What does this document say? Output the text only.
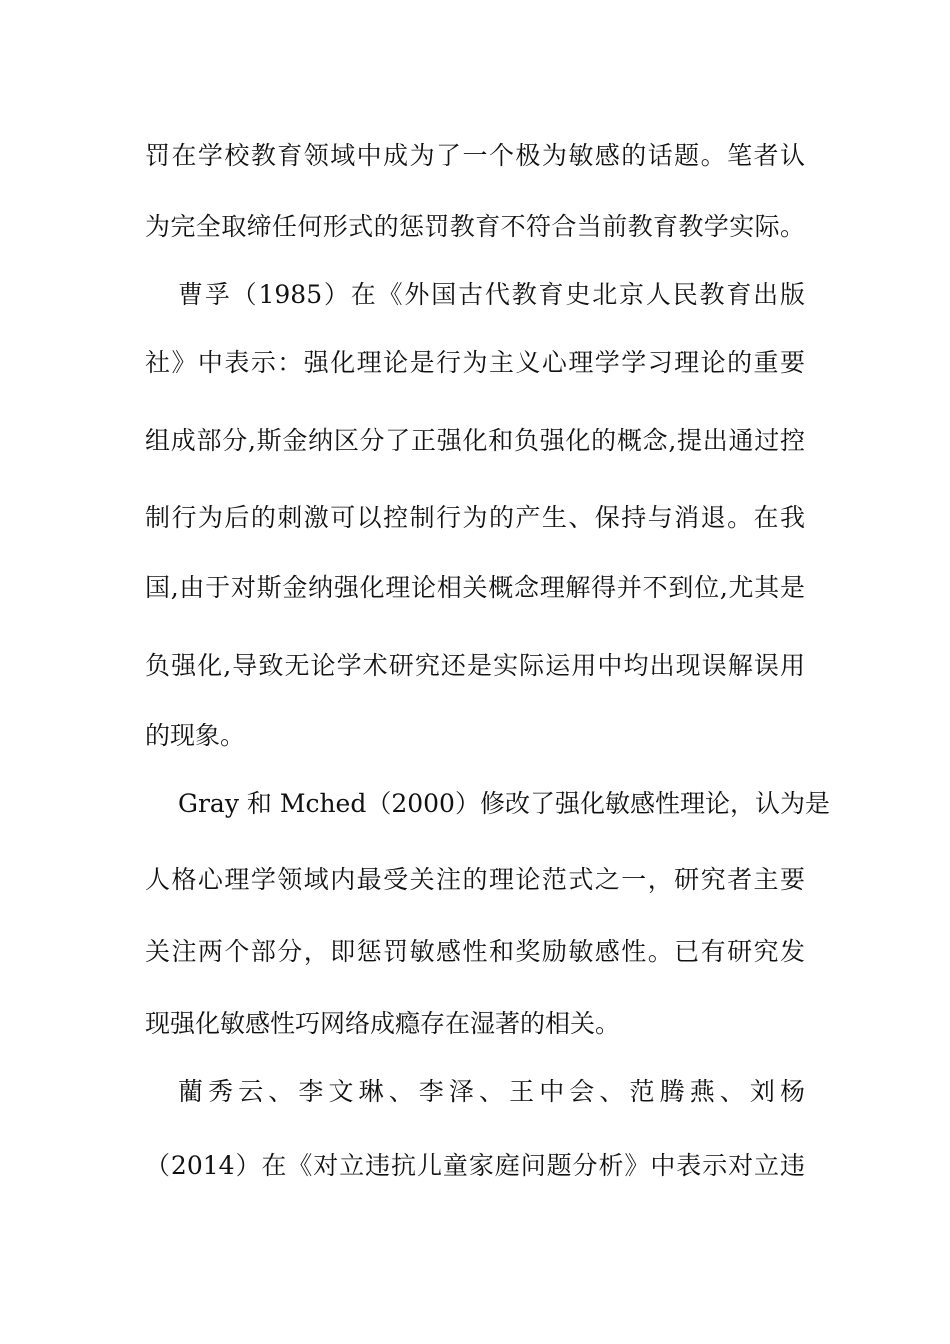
罚在学校教育领域中成为了一个极为敏感的话题。笔者认
为完全取缔任何形式的惩罚教育不符合当前教育教学实际。
曹孚（1985）在《外国古代教育史北京人民教育出版
社》中表示：强化理论是行为主义心理学学习理论的重要
组成部分,斯金纳区分了正强化和负强化的概念,提出通过控
制行为后的刺激可以控制行为的产生、保持与消退。在我
国,由于对斯金纳强化理论相关概念理解得并不到位,尤其是
负强化,导致无论学术研究还是实际运用中均出现误解误用
的现象。
Gray 和 Mched（2000）修改了强化敏感性理论，认为是
人格心理学领域内最受关注的理论范式之一，研究者主要
关注两个部分，即惩罚敏感性和奖励敏感性。已有研究发
现强化敏感性巧网络成瘾存在湿著的相关。
藺秀云、李文琳、李泽、王中会、范腾燕、刘杨
（2014）在《对立违抗儿童家庭问题分析》中表示对立违
